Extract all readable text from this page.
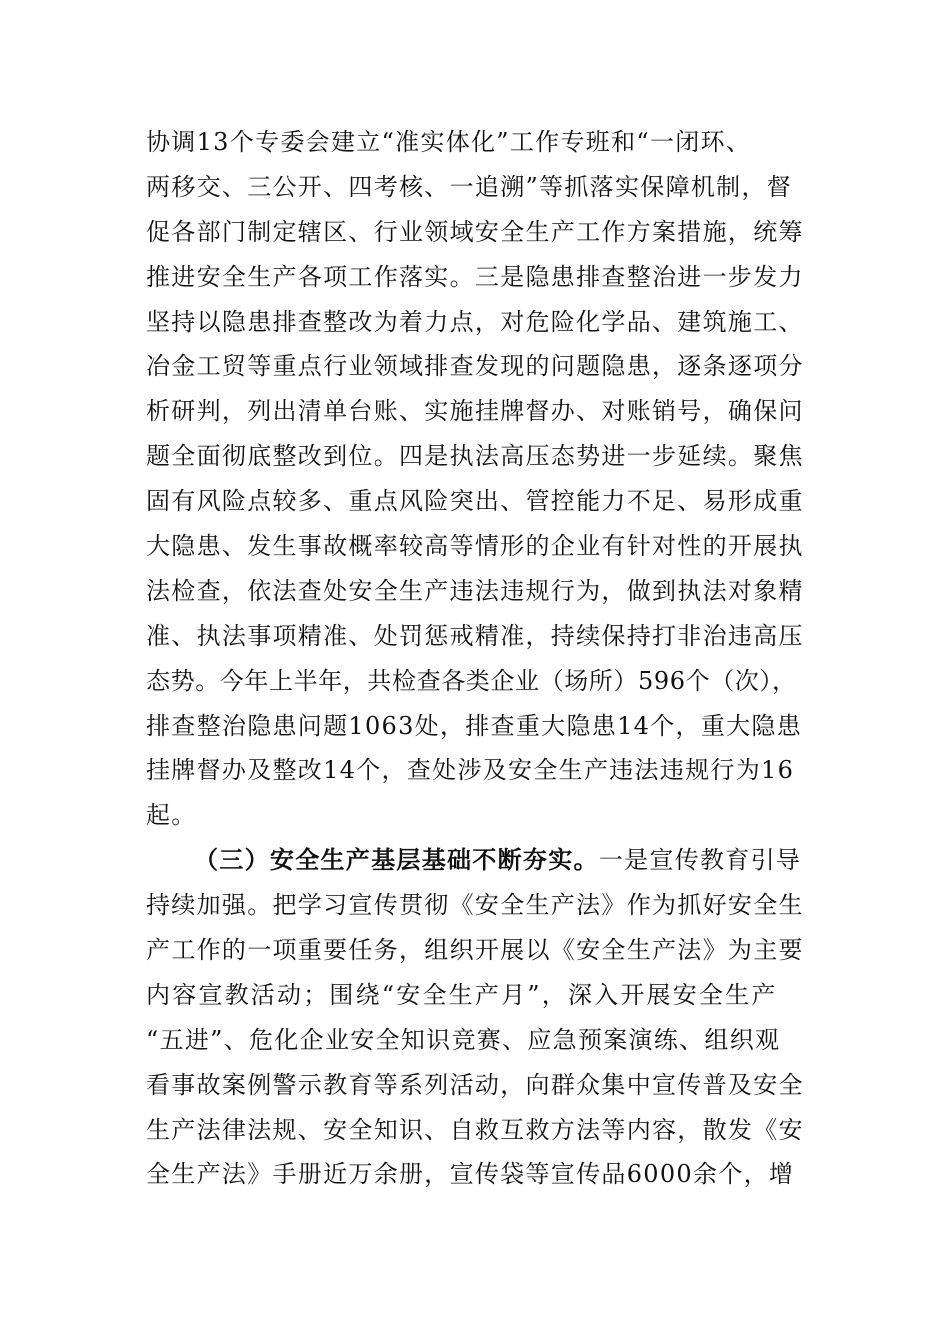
协调13个专委会建立“准实体化”工作专班和“一闭环、
两移交、三公开、四考核、一追溯”等抓落实保障机制，督
促各部门制定辖区、行业领域安全生产工作方案措施，统筹
推进安全生产各项工作落实。三是隐患排查整治进一步发力
坚持以隐患排查整改为着力点，对危险化学品、建筑施工、
冶金工贸等重点行业领域排查发现的问题隐患，逐条逐项分
析研判，列出清单台账、实施挂牌督办、对账销号，确保问
题全面彻底整改到位。四是执法高压态势进一步延续。聚焦
固有风险点较多、重点风险突出、管控能力不足、易形成重
大隐患、发生事故概率较高等情形的企业有针对性的开展执
法检查，依法查处安全生产违法违规行为，做到执法对象精
准、执法事项精准、处罚惩戒精准，持续保持打非治违高压
态势。今年上半年，共检查各类企业（场所）596个（次），
排查整治隐患问题1063处，排查重大隐患14个，重大隐患
挂牌督办及整改14个，查处涉及安全生产违法违规行为16
起。
（三）安全生产基层基础不断夯实。一是宣传教育引导
持续加强。把学习宣传贯彻《安全生产法》作为抓好安全生
产工作的一项重要任务，组织开展以《安全生产法》为主要
内容宣教活动；围绕“安全生产月”，深入开展安全生产
“五进”、危化企业安全知识竞赛、应急预案演练、组织观
看事故案例警示教育等系列活动，向群众集中宣传普及安全
生产法律法规、安全知识、自救互救方法等内容，散发《安
全生产法》手册近万余册，宣传袋等宣传品6000余个，增
